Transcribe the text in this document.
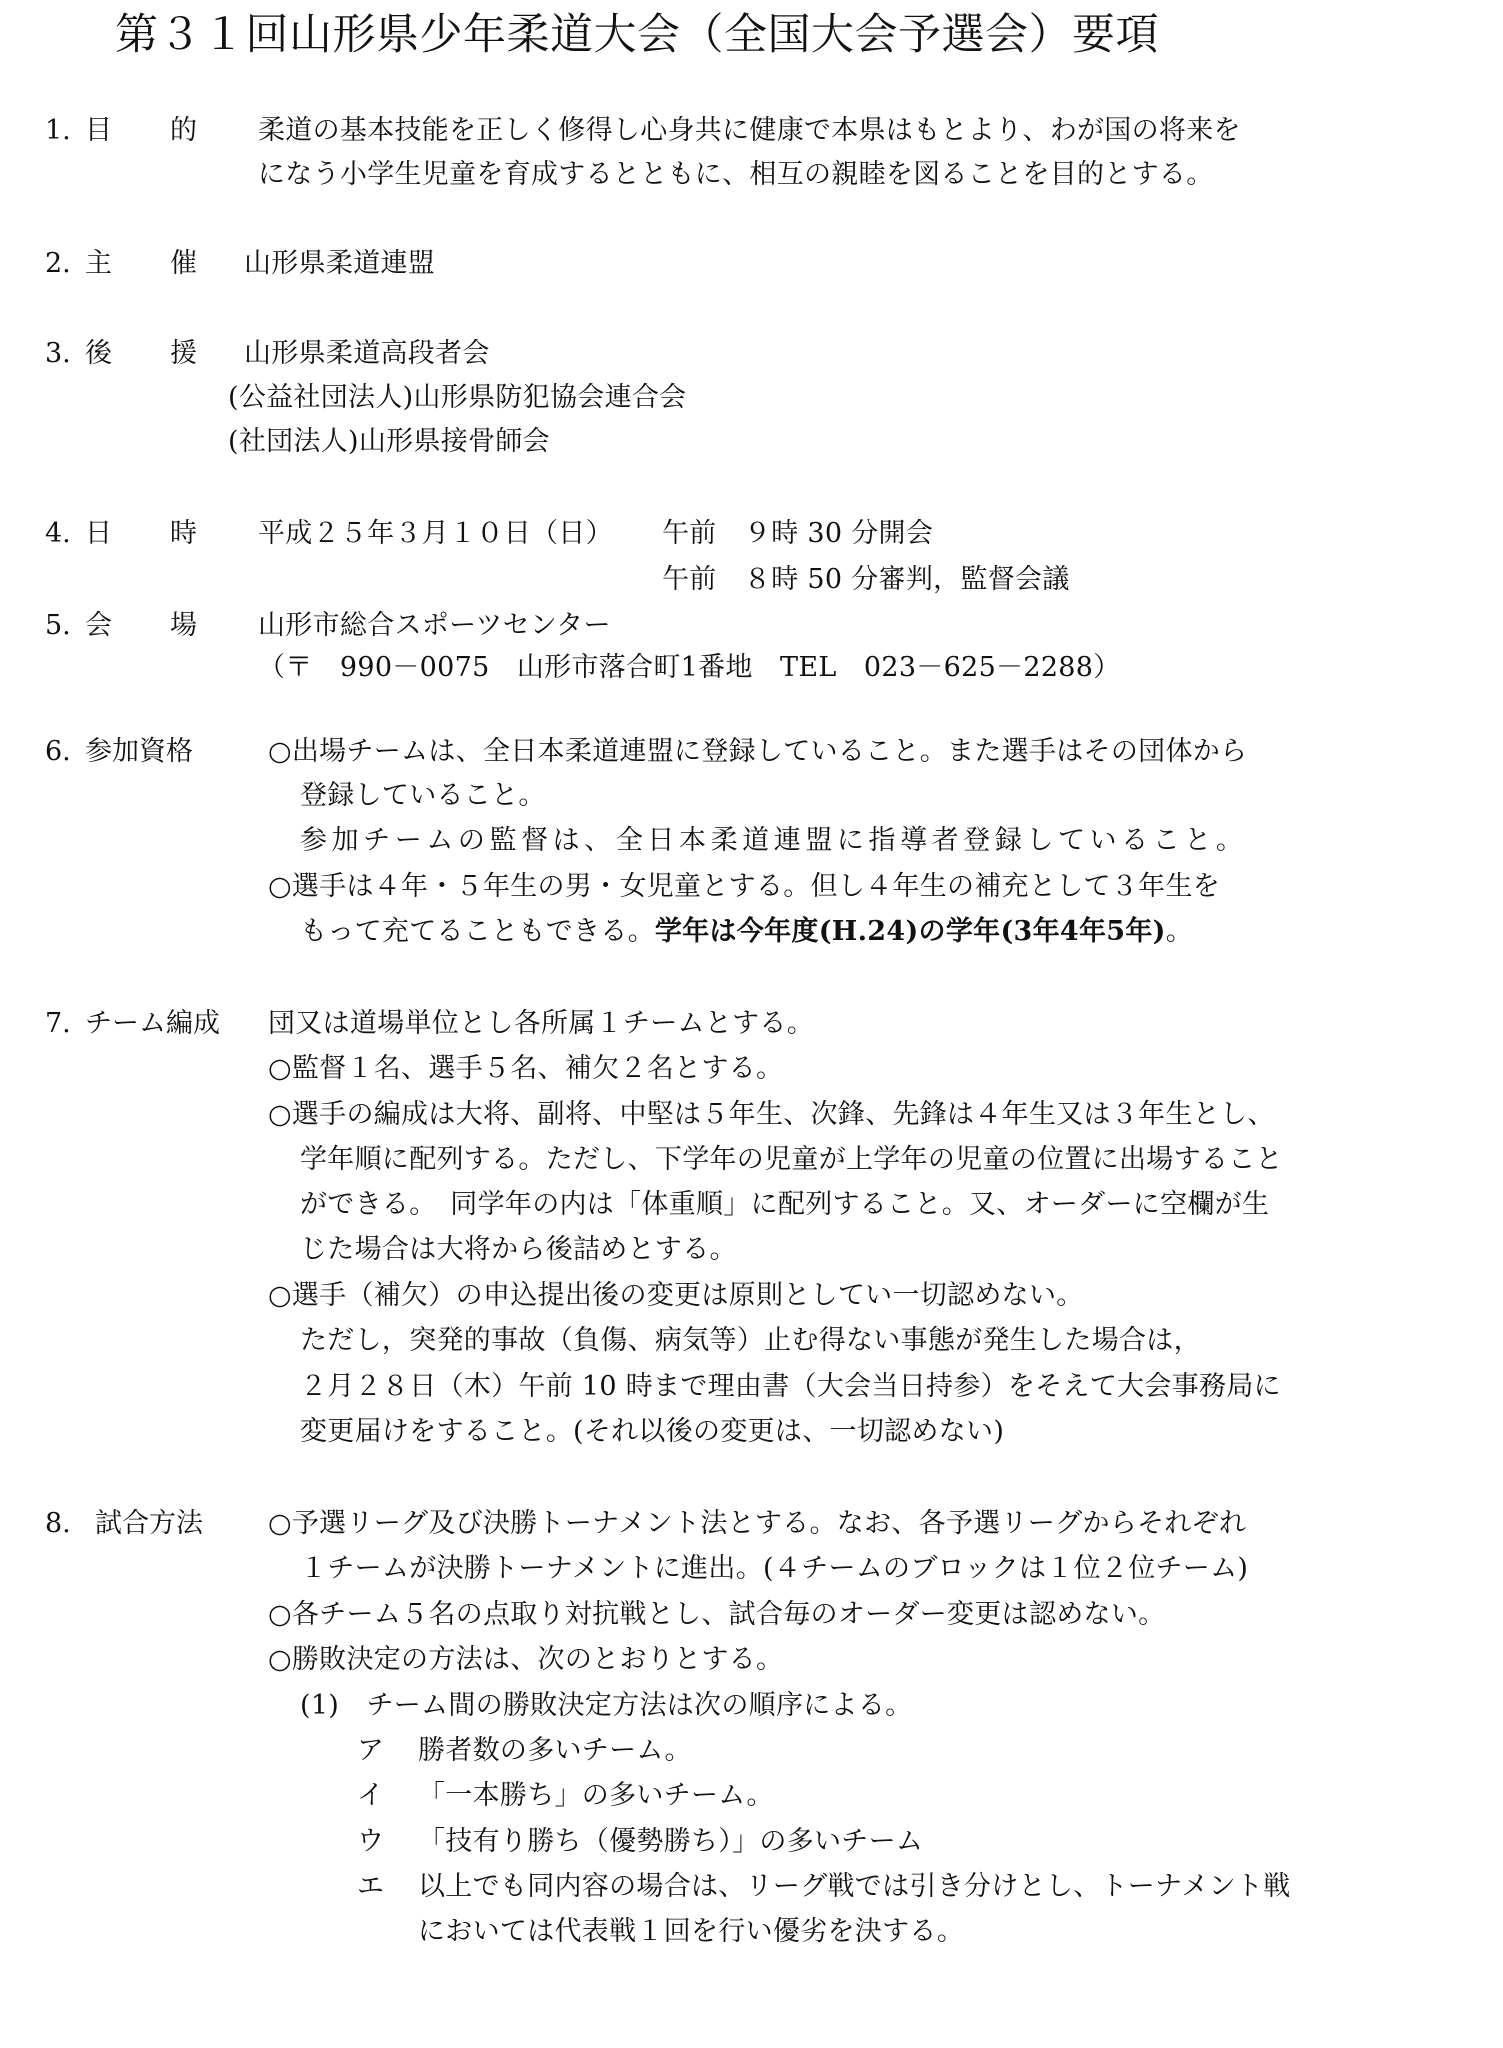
第３１回山形県少年柔道大会（全国大会予選会）要項
1. 目 的 柔道の基本技能を正しく修得し心身共に健康で本県はもとより、わが国の将来を
になう小学生児童を育成するとともに、相互の親睦を図ることを目的とする。
2. 主 催 山形県柔道連盟
3. 後 援 山形県柔道高段者会
(公益社団法人)山形県防犯協会連合会
(社団法人)山形県接骨師会
4. 日 時 平成２５年３月１０日（日） 午前　９時 30 分開会
午前　８時 50 分審判，監督会議
5. 会 場 山形市総合スポーツセンター
（〒　990－0075　山形市落合町1番地　TEL　023－625－2288）
6. 参加資格	○出場チームは、全日本柔道連盟に登録していること。また選手はその団体から
登録していること。
参 加 チ ー ム の 監 督 は 、 全 日 本 柔 道 連 盟 に 指 導 者 登 録 し て い る こ と 。
○選手は４年・５年生の男・女児童とする。但し４年生の補充として３年生を
もって充てることもできる。学年は今年度(H.24)の学年(3年4年5年)。
7. チーム編成 団又は道場単位とし各所属１チームとする。
○監督１名、選手５名、補欠２名とする。
○選手の編成は大将、副将、中堅は５年生、次鋒、先鋒は４年生又は３年生とし、
学年順に配列する。ただし、下学年の児童が上学年の児童の位置に出場すること
ができる。　同学年の内は「体重順」に配列すること。又、オーダーに空欄が生
じた場合は大将から後詰めとする。
○選手（補欠）の申込提出後の変更は原則としてい一切認めない。
ただし，突発的事故（負傷、病気等）止む得ない事態が発生した場合は，
２月２８日（木）午前 10 時まで理由書（大会当日持参）をそえて大会事務局に
変更届けをすること。(それ以後の変更は、一切認めない)
8. 試合方法 ○予選リーグ及び決勝トーナメント法とする。なお、各予選リーグからそれぞれ
１チームが決勝トーナメントに進出。(４チームのブロックは１位２位チーム)
○各チーム５名の点取り対抗戦とし、試合毎のオーダー変更は認めない。
○勝敗決定の方法は、次のとおりとする。
(1)　チーム間の勝敗決定方法は次の順序による。
ア 勝者数の多いチーム。
イ 「一本勝ち」の多いチーム。
ウ 「技有り勝ち（優勢勝ち）」の多いチーム
エ 以上でも同内容の場合は、リーグ戦では引き分けとし、トーナメント戦
においては代表戦１回を行い優劣を決する。
